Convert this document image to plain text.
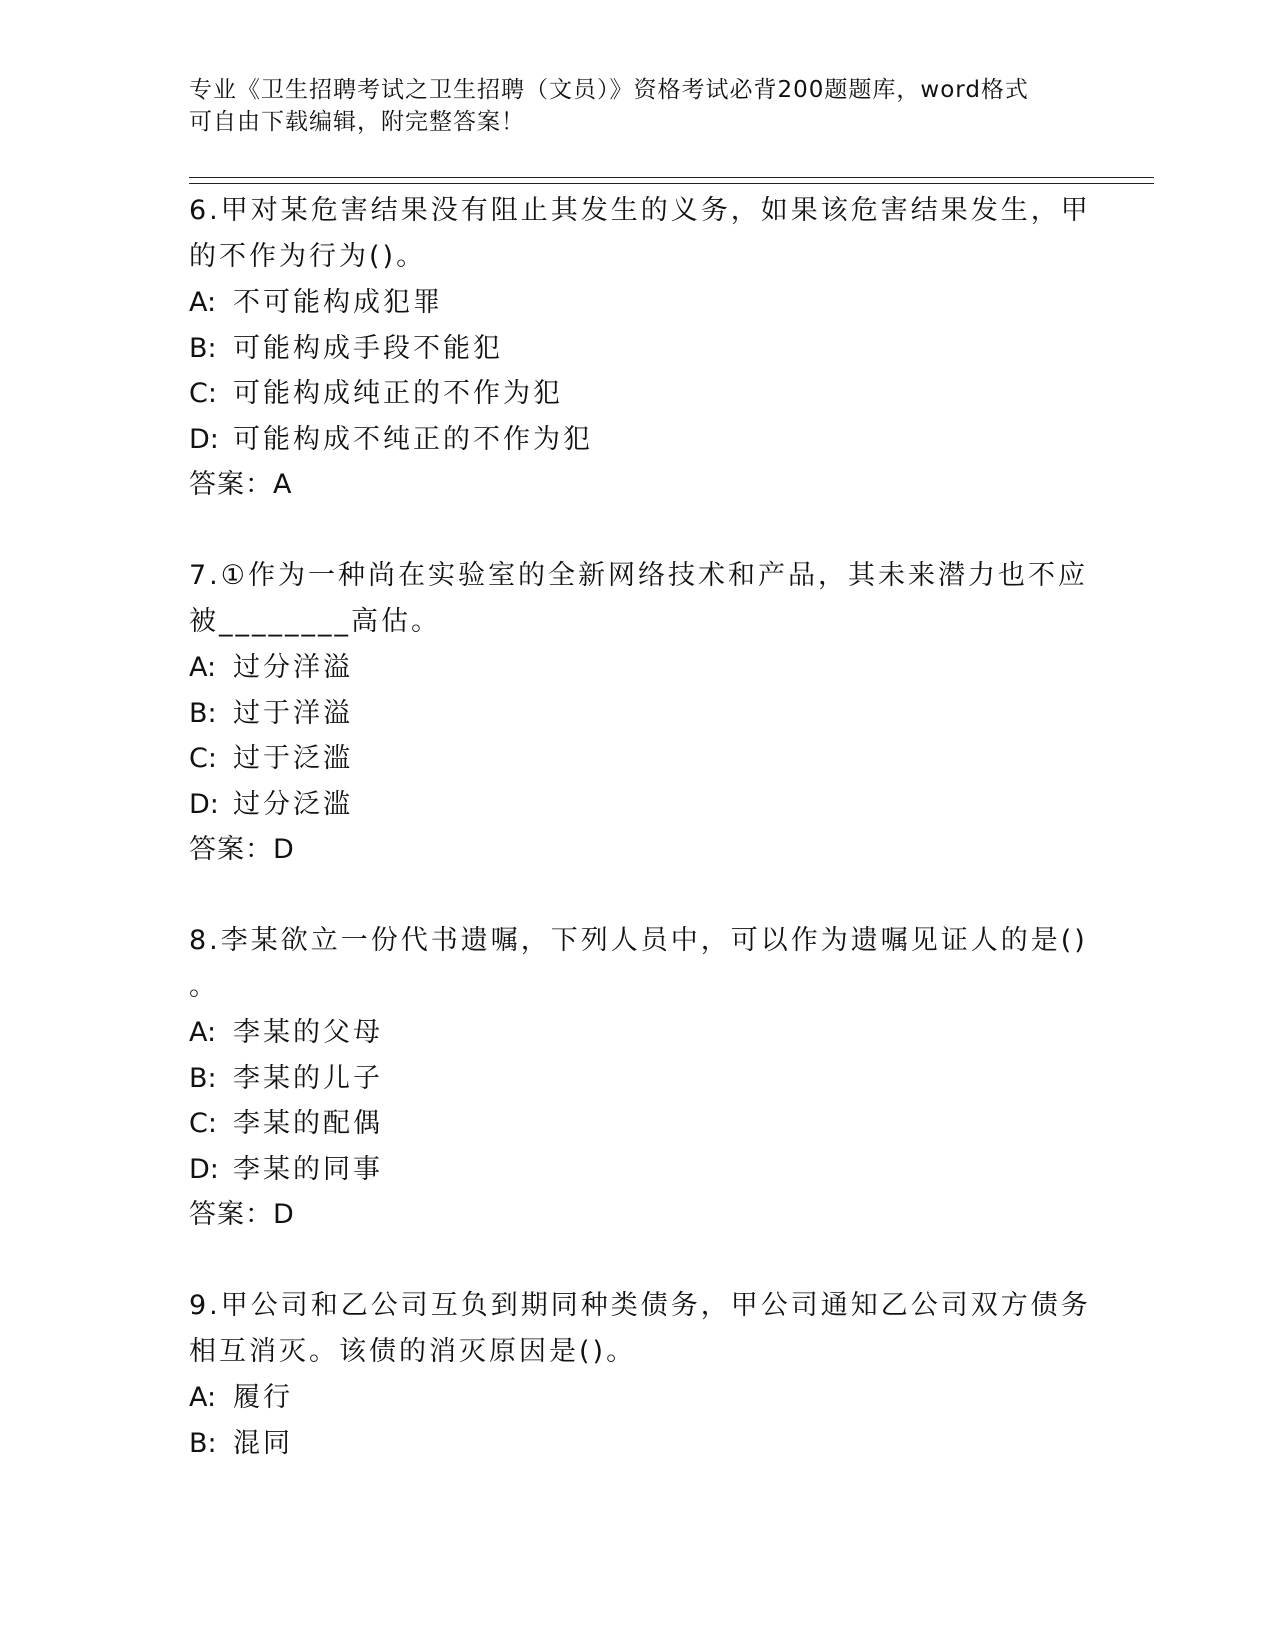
专业《卫生招聘考试之卫生招聘（文员）》资格考试必背200题题库，word格式
可自由下载编辑，附完整答案！
6.甲对某危害结果没有阻止其发生的义务，如果该危害结果发生，甲
的不作为行为()。
A: 不可能构成犯罪
B: 可能构成手段不能犯
C: 可能构成纯正的不作为犯
D: 可能构成不纯正的不作为犯
答案：A
7.①作为一种尚在实验室的全新网络技术和产品，其未来潜力也不应
被________高估。
A: 过分洋溢
B: 过于洋溢
C: 过于泛滥
D: 过分泛滥
答案：D
8.李某欲立一份代书遗嘱，下列人员中，可以作为遗嘱见证人的是()
。
A: 李某的父母
B: 李某的儿子
C: 李某的配偶
D: 李某的同事
答案：D
9.甲公司和乙公司互负到期同种类债务，甲公司通知乙公司双方债务
相互消灭。该债的消灭原因是()。
A: 履行
B: 混同
